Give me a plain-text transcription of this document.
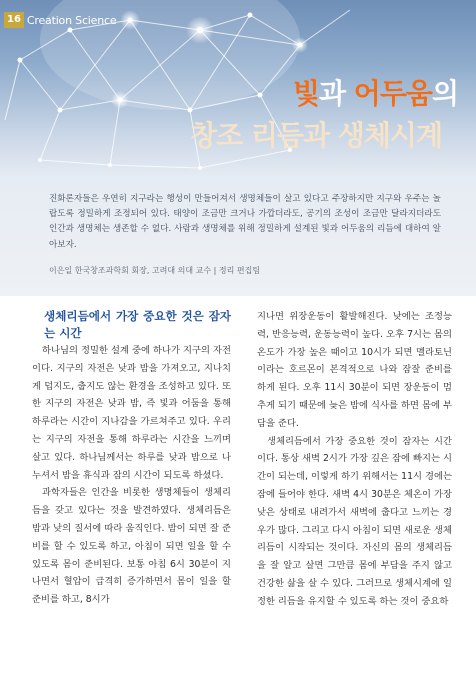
16 Creation Science
빛과 어두움의
창조 리듬과 생체시계

진화론자들은 우연히 지구라는 행성이 만들어져서 생명체들이 살고 있다고 주장하지만 지구와 우주는 놀랍도록 정밀하게 조정되어 있다. 태양이 조금만 크거나 가깝더라도, 공기의 조성이 조금만 달라지더라도 인간과 생명체는 생존할 수 없다. 사람과 생명체를 위해 정밀하게 설계된 빛과 어두움의 리듬에 대하여 알아보자.

이은일 한국창조과학회 회장, 고려대 의대 교수 | 정리 편집팀

생체리듬에서 가장 중요한 것은 잠자는 시간

하나님의 정밀한 설계 중에 하나가 지구의 자전이다. 지구의 자전은 낮과 밤을 가져오고, 지나치게 덥지도, 춥지도 않는 환경을 조성하고 있다. 또한 지구의 자전은 낮과 밤, 즉 빛과 어둠을 통해 하루라는 시간이 지나감을 가르쳐주고 있다. 우리는 지구의 자전을 통해 하루라는 시간을 느끼며 살고 있다. 하나님께서는 하루를 낮과 밤으로 나누셔서 밤을 휴식과 잠의 시간이 되도록 하셨다.

과학자들은 인간을 비롯한 생명체들이 생체리듬을 갖고 있다는 것을 발견하였다. 생체리듬은 밤과 낮의 질서에 따라 움직인다. 밤이 되면 잘 준비를 할 수 있도록 하고, 아침이 되면 일을 할 수 있도록 몸이 준비된다. 보통 아침 6시 30분이 지나면서 혈압이 급격히 증가하면서 몸이 일을 할 준비를 하고, 8시가

지나면 위장운동이 활발해진다. 낮에는 조정능력, 반응능력, 운동능력이 높다. 오후 7시는 몸의 온도가 가장 높은 때이고 10시가 되면 멜라토닌이라는 호르몬이 본격적으로 나와 잠잘 준비를 하게 된다. 오후 11시 30분이 되면 장운동이 멈추게 되기 때문에 늦은 밤에 식사를 하면 몸에 부담을 준다.

생체리듬에서 가장 중요한 것이 잠자는 시간이다. 통상 새벽 2시가 가장 깊은 잠에 빠지는 시간이 되는데, 이렇게 하기 위해서는 11시 경에는 잠에 들어야 한다. 새벽 4시 30분은 체온이 가장 낮은 상태로 내려가서 새벽에 춥다고 느끼는 경우가 많다. 그리고 다시 아침이 되면 새로운 생체리듬이 시작되는 것이다. 자신의 몸의 생체리듬을 잘 알고 살면 그만큼 몸에 부담을 주지 않고 건강한 삶을 살 수 있다. 그러므로 생체시계에 일정한 리듬을 유지할 수 있도록 하는 것이 중요하
